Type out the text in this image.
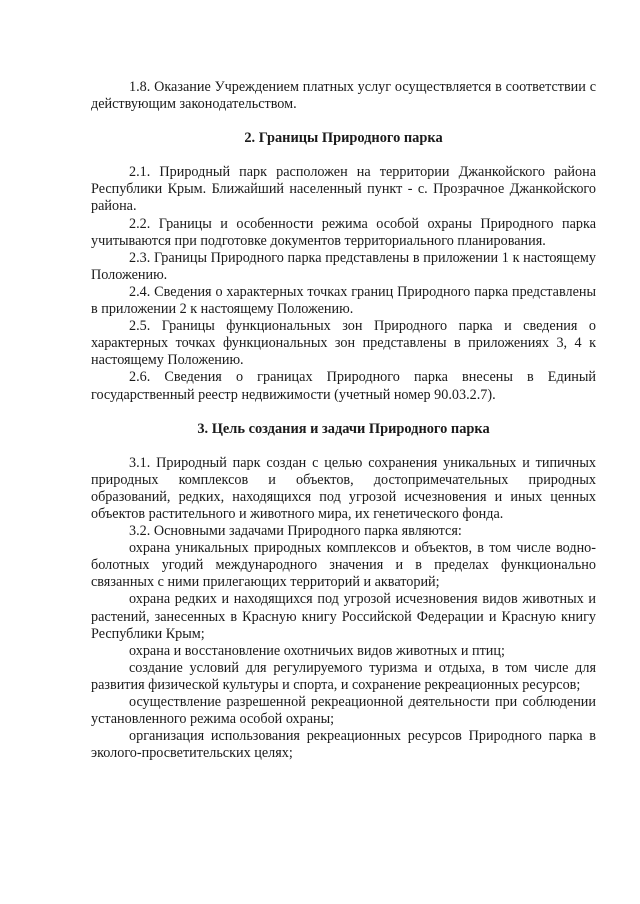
1.8. Оказание Учреждением платных услуг осуществляется в соответствии с действующим законодательством.

2. Границы Природного парка

2.1. Природный парк расположен на территории Джанкойского района Республики Крым. Ближайший населенный пункт - с. Прозрачное Джанкойского района.

2.2. Границы и особенности режима особой охраны Природного парка учитываются при подготовке документов территориального планирования.

2.3. Границы Природного парка представлены в приложении 1 к настоящему Положению.

2.4. Сведения о характерных точках границ Природного парка представлены в приложении 2 к настоящему Положению.

2.5. Границы функциональных зон Природного парка и сведения о характерных точках функциональных зон представлены в приложениях 3, 4 к настоящему Положению.

2.6. Сведения о границах Природного парка внесены в Единый государственный реестр недвижимости (учетный номер 90.03.2.7).

3. Цель создания и задачи Природного парка

3.1. Природный парк создан с целью сохранения уникальных и типичных природных комплексов и объектов, достопримечательных природных образований, редких, находящихся под угрозой исчезновения и иных ценных объектов растительного и животного мира, их генетического фонда.

3.2. Основными задачами Природного парка являются:

охрана уникальных природных комплексов и объектов, в том числе водно-болотных угодий международного значения и в пределах функционально связанных с ними прилегающих территорий и акваторий;

охрана редких и находящихся под угрозой исчезновения видов животных и растений, занесенных в Красную книгу Российской Федерации и Красную книгу Республики Крым;

охрана и восстановление охотничьих видов животных и птиц;

создание условий для регулируемого туризма и отдыха, в том числе для развития физической культуры и спорта, и сохранение рекреационных ресурсов;

осуществление разрешенной рекреационной деятельности при соблюдении установленного режима особой охраны;

организация использования рекреационных ресурсов Природного парка в эколого-просветительских целях;
